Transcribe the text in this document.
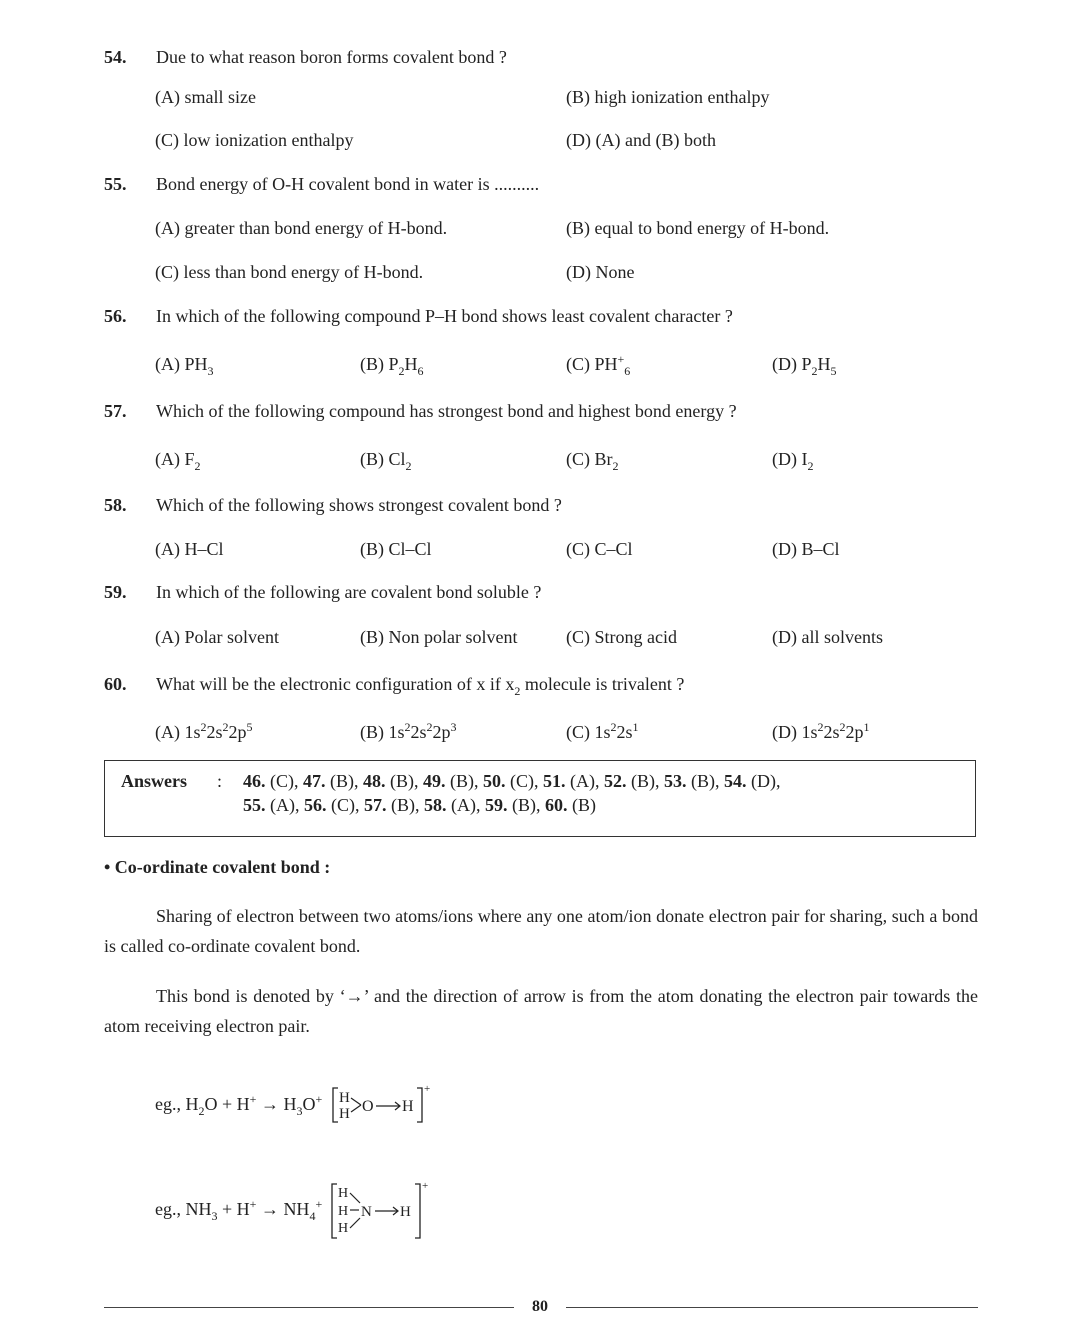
54. Due to what reason boron forms covalent bond ?
(A) small size	(B) high ionization enthalpy
(C) low ionization enthalpy	(D) (A) and (B) both
55. Bond energy of O-H covalent bond in water is ..........
(A) greater than bond energy of H-bond.	(B) equal to bond energy of H-bond.
(C) less than bond energy of H-bond.	(D) None
56. In which of the following compound P–H bond shows least covalent character ?
(A) $PH_3$	(B) $P_2H_6$	(C) $PH^+_6$	(D) $P_2H_5$
57. Which of the following compound has strongest bond and highest bond energy ?
(A) $F_2$	(B) $Cl_2$	(C) $Br_2$	(D) $I_2$
58. Which of the following shows strongest covalent bond ?
(A) H–Cl	(B) Cl–Cl	(C) C–Cl	(D) B–Cl
59. In which of the following are covalent bond soluble ?
(A) Polar solvent	(B) Non polar solvent	(C) Strong acid	(D) all solvents
60. What will be the electronic configuration of x if $x_2$ molecule is trivalent ?
(A) $1s^22s^22p^5$	(B) $1s^22s^22p^3$	(C) $1s^22s^1$	(D) $1s^22s^22p^1$
Answers : 46. (C), 47. (B), 48. (B), 49. (B), 50. (C), 51. (A), 52. (B), 53. (B), 54. (D),
55. (A), 56. (C), 57. (B), 58. (A), 59. (B), 60. (B)
• Co-ordinate covalent bond :
Sharing of electron between two atoms/ions where any one atom/ion donate electron pair for sharing, such a bond is called co-ordinate covalent bond.
This bond is denoted by ‘→’ and the direction of arrow is from the atom donating the electron pair towards the atom receiving electron pair.
eg., $H_2O + H^+ \to H_3O^+$ H
H O H
+
eg., $NH_3 + H^+ \to NH_4^+$
H
H
H
N H
+
80
